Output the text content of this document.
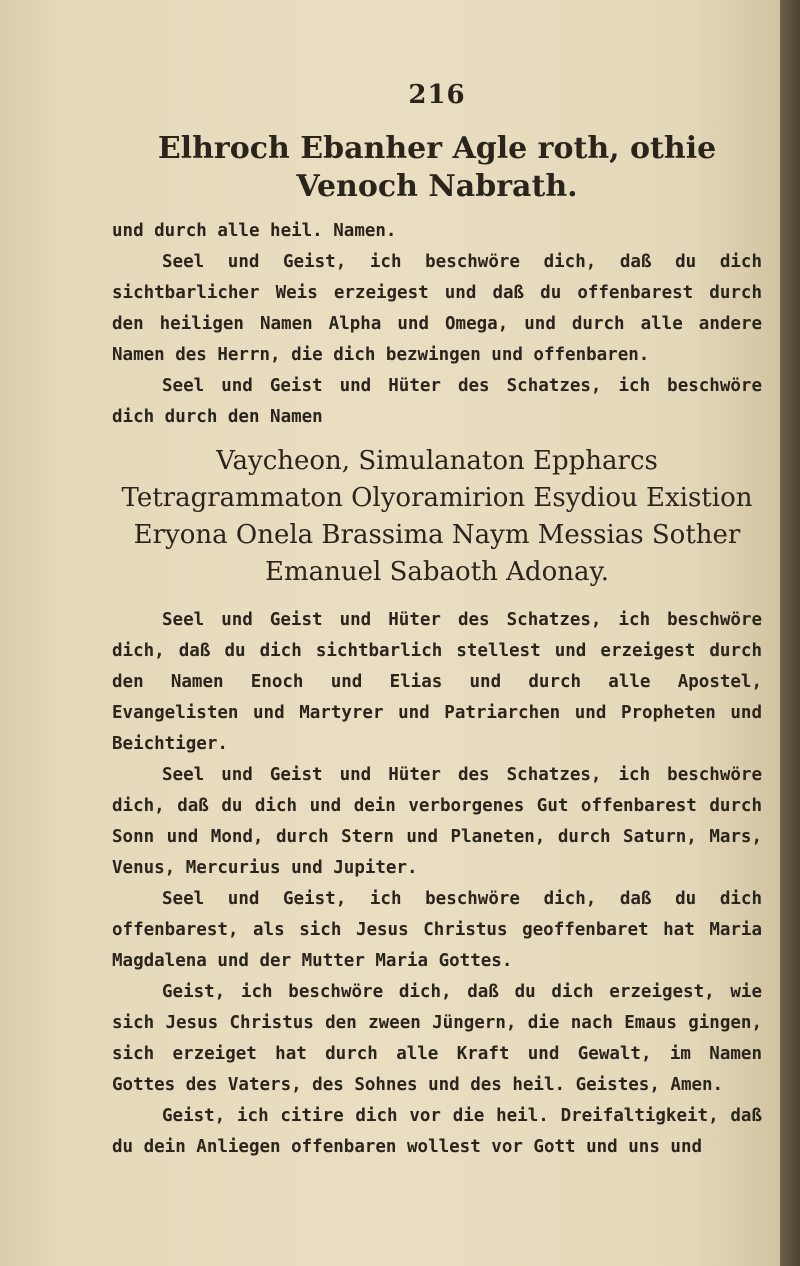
216

Elhroch Ebanher Agle roth, othie Venoch Nabrath.

und durch alle heil. Namen.

Seel und Geist, ich beschwöre dich, daß du dich sichtbarlicher Weis erzeigest und daß du offenbarest durch den heiligen Namen Alpha und Omega, und durch alle andere Namen des Herrn, die dich bezwingen und offenbaren.

Seel und Geist und Hüter des Schatzes, ich beschwöre dich durch den Namen

Vaycheon, Simulanaton Eppharcs Tetragrammaton Olyoramirion Esydiou Existion Eryona Onela Brassima Naym Messias Sother Emanuel Sabaoth Adonay.

Seel und Geist und Hüter des Schatzes, ich beschwöre dich, daß du dich sichtbarlich stellest und erzeigest durch den Namen Enoch und Elias und durch alle Apostel, Evangelisten und Martyrer und Patriarchen und Propheten und Beichtiger.

Seel und Geist und Hüter des Schatzes, ich beschwöre dich, daß du dich und dein verborgenes Gut offenbarest durch Sonn und Mond, durch Stern und Planeten, durch Saturn, Mars, Venus, Mercurius und Jupiter.

Seel und Geist, ich beschwöre dich, daß du dich offenbarest, als sich Jesus Christus geoffenbaret hat Maria Magdalena und der Mutter Maria Gottes.

Geist, ich beschwöre dich, daß du dich erzeigest, wie sich Jesus Christus den zween Jüngern, die nach Emaus gingen, sich erzeiget hat durch alle Kraft und Gewalt, im Namen Gottes des Vaters, des Sohnes und des heil. Geistes, Amen.

Geist, ich citire dich vor die heil. Dreifaltigkeit, daß du dein Anliegen offenbaren wollest vor Gott und uns und
